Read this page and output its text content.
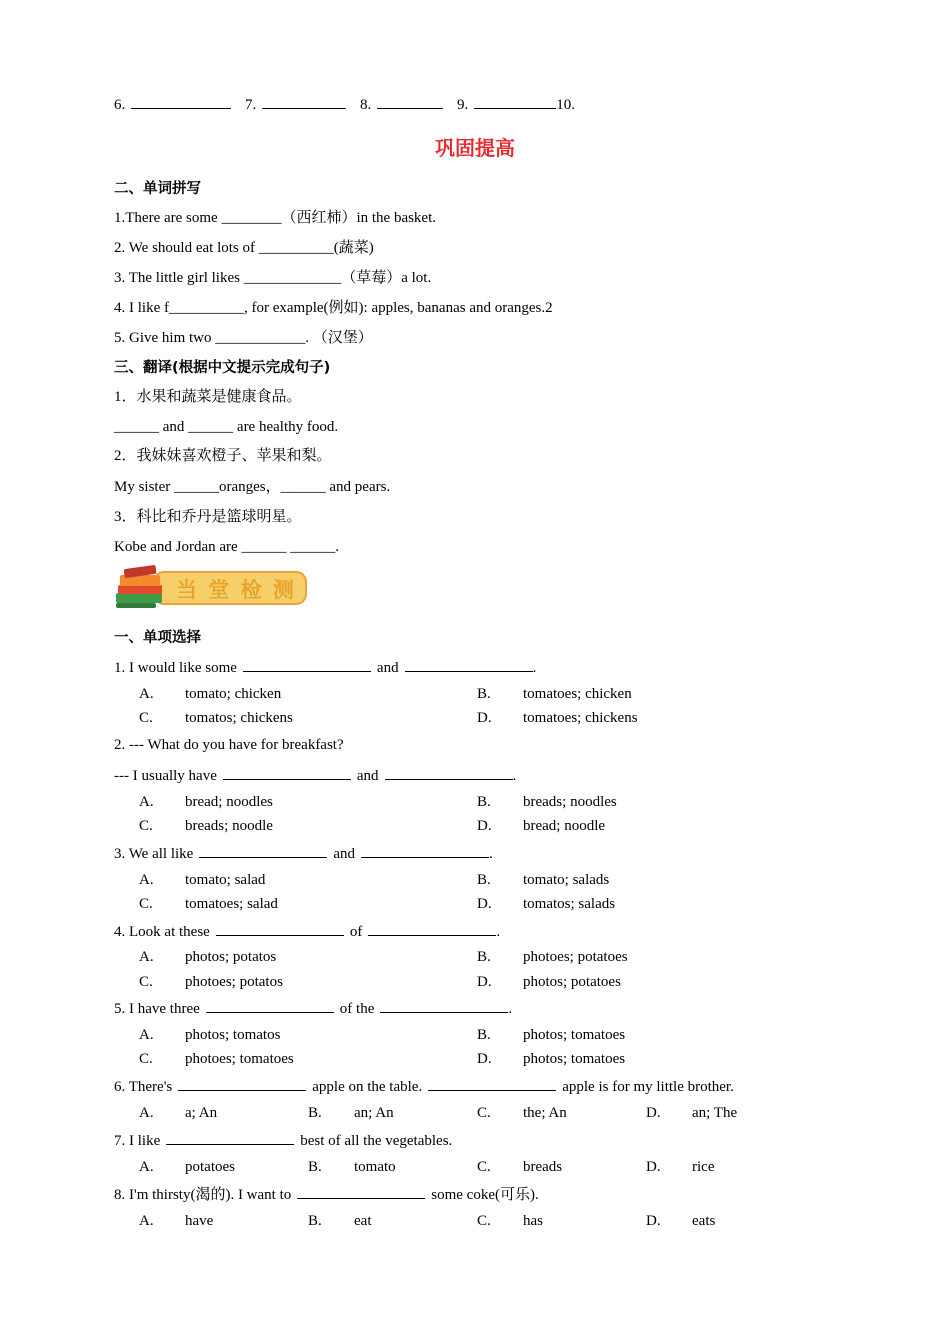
6.	7.	8.	9.	10.
巩固提高
二、单词拼写
1.There are some ________（西红柿）in the basket.
2. We should eat lots of __________(蔬菜)
3. The little girl likes _____________（草莓）a lot.
4. I like f__________, for example(例如): apples, bananas and oranges.2
5. Give him two ____________. （汉堡）
三、翻译(根据中文提示完成句子)
1．水果和蔬菜是健康食品。
______ and ______ are healthy food.
2．我妹妹喜欢橙子、苹果和梨。
My sister ______oranges，______ and pears.
3．科比和乔丹是篮球明星。
Kobe and Jordan are ______ ______.
当 堂 检 测
一、单项选择
1. I would like some	and	.
A. tomato; chicken	B. tomatoes; chicken
C. tomatos; chickens	D. tomatoes; chickens
2. --- What do you have for breakfast?
--- I usually have	and	.
A. bread; noodles	B. breads; noodles
C. breads; noodle	D. bread; noodle
3. We all like	and	.
A. tomato; salad	B. tomato; salads
C. tomatoes; salad	D. tomatos; salads
4. Look at these	of	.
A. photos; potatos	B. photoes; potatoes
C. photoes; potatos	D. photos; potatoes
5. I have three	of the	.
A. photos; tomatos	B. photos; tomatoes
C. photoes; tomatoes	D. photos; tomatoes
6. There's	apple on the table.	apple is for my little brother.
A. a; An	B. an; An	C. the; An	D. an; The
7. I like	best of all the vegetables.
A. potatoes	B. tomato	C. breads	D. rice
8. I'm thirsty(渴的). I want to	some coke(可乐).
A. have	B. eat	C. has	D. eats
